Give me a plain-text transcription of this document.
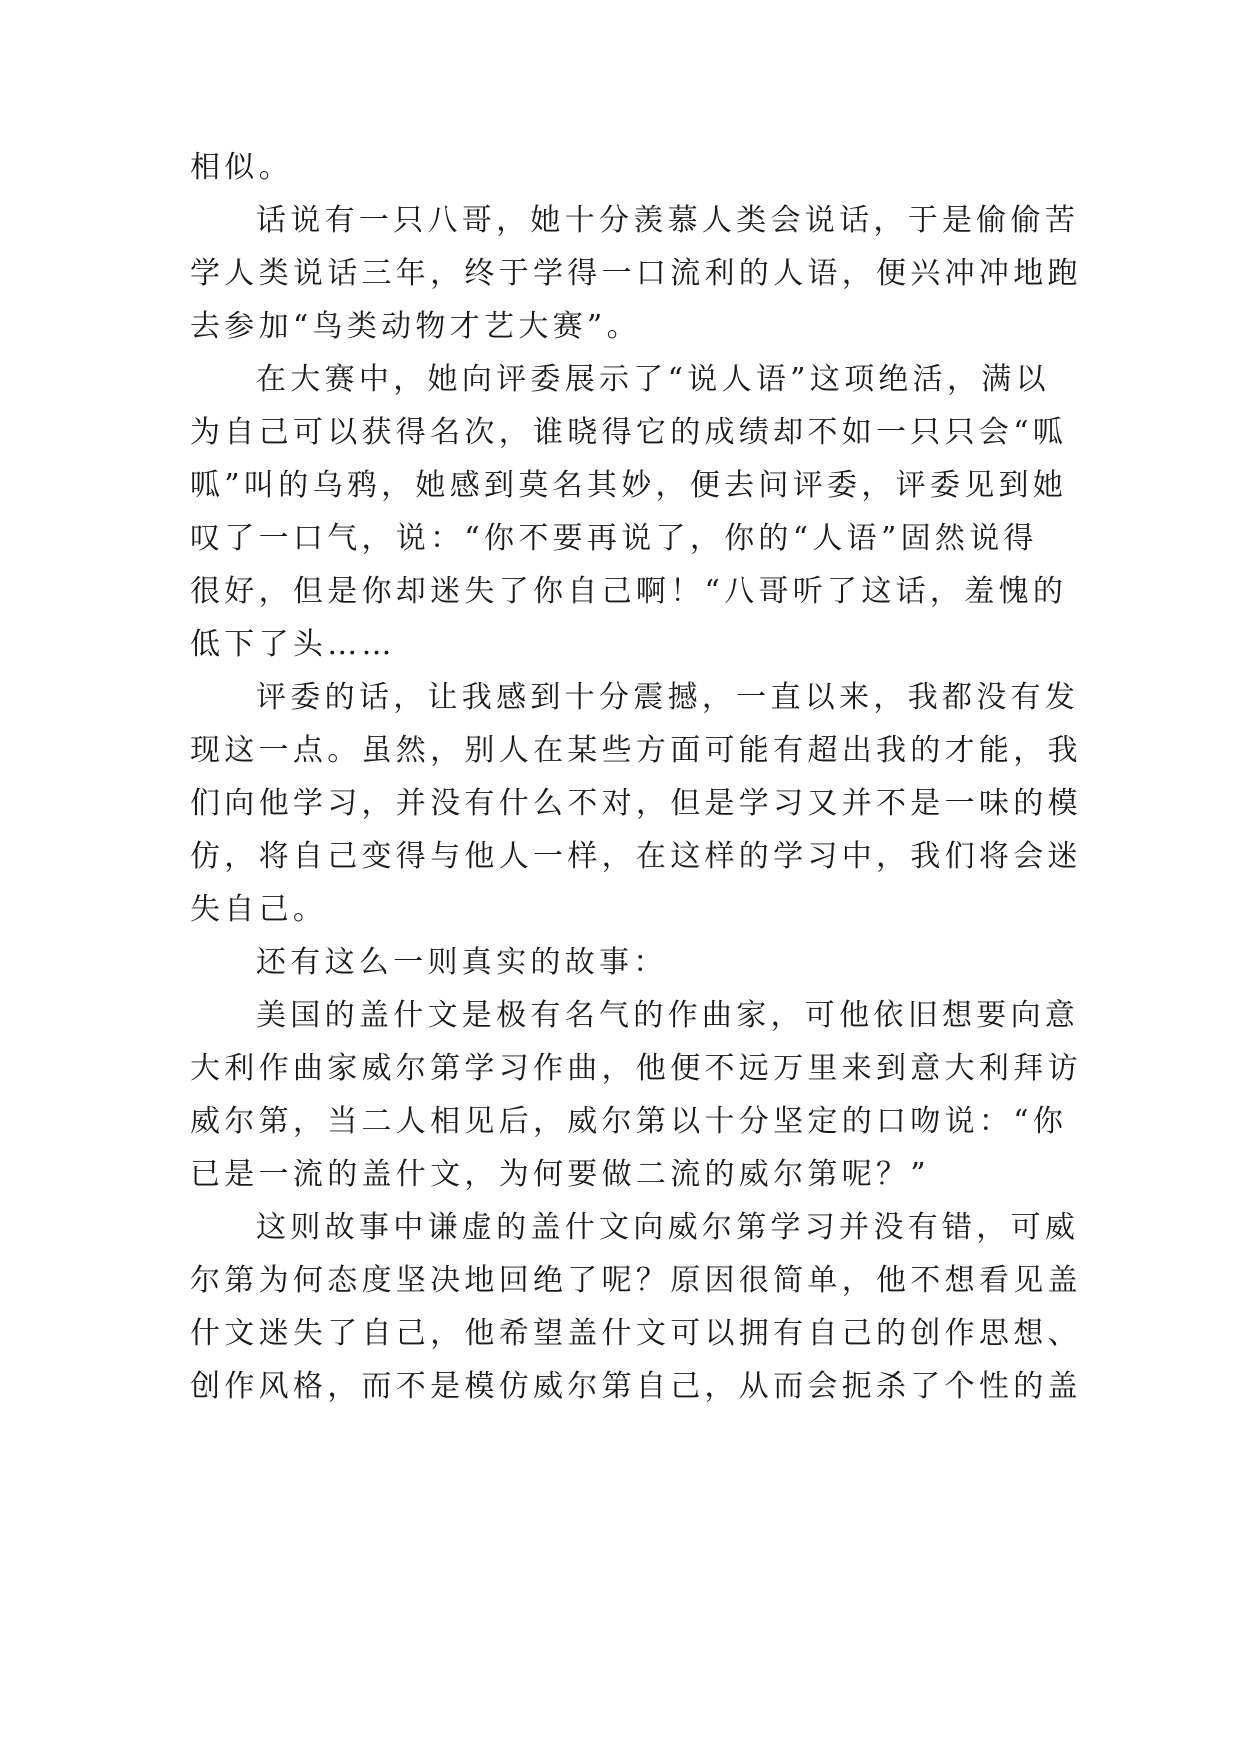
相似。
话说有一只八哥，她十分羡慕人类会说话，于是偷偷苦
学人类说话三年，终于学得一口流利的人语，便兴冲冲地跑
去参加“鸟类动物才艺大赛”。
在大赛中，她向评委展示了“说人语”这项绝活，满以
为自己可以获得名次，谁晓得它的成绩却不如一只只会“呱
呱”叫的乌鸦，她感到莫名其妙，便去问评委，评委见到她
叹了一口气，说：“你不要再说了，你的“人语”固然说得
很好，但是你却迷失了你自己啊！“八哥听了这话，羞愧的
低下了头……
评委的话，让我感到十分震撼，一直以来，我都没有发
现这一点。虽然，别人在某些方面可能有超出我的才能，我
们向他学习，并没有什么不对，但是学习又并不是一味的模
仿，将自己变得与他人一样，在这样的学习中，我们将会迷
失自己。
还有这么一则真实的故事：
美国的盖什文是极有名气的作曲家，可他依旧想要向意
大利作曲家威尔第学习作曲，他便不远万里来到意大利拜访
威尔第，当二人相见后，威尔第以十分坚定的口吻说：“你
已是一流的盖什文，为何要做二流的威尔第呢？”
这则故事中谦虚的盖什文向威尔第学习并没有错，可威
尔第为何态度坚决地回绝了呢？原因很简单，他不想看见盖
什文迷失了自己，他希望盖什文可以拥有自己的创作思想、
创作风格，而不是模仿威尔第自己，从而会扼杀了个性的盖
